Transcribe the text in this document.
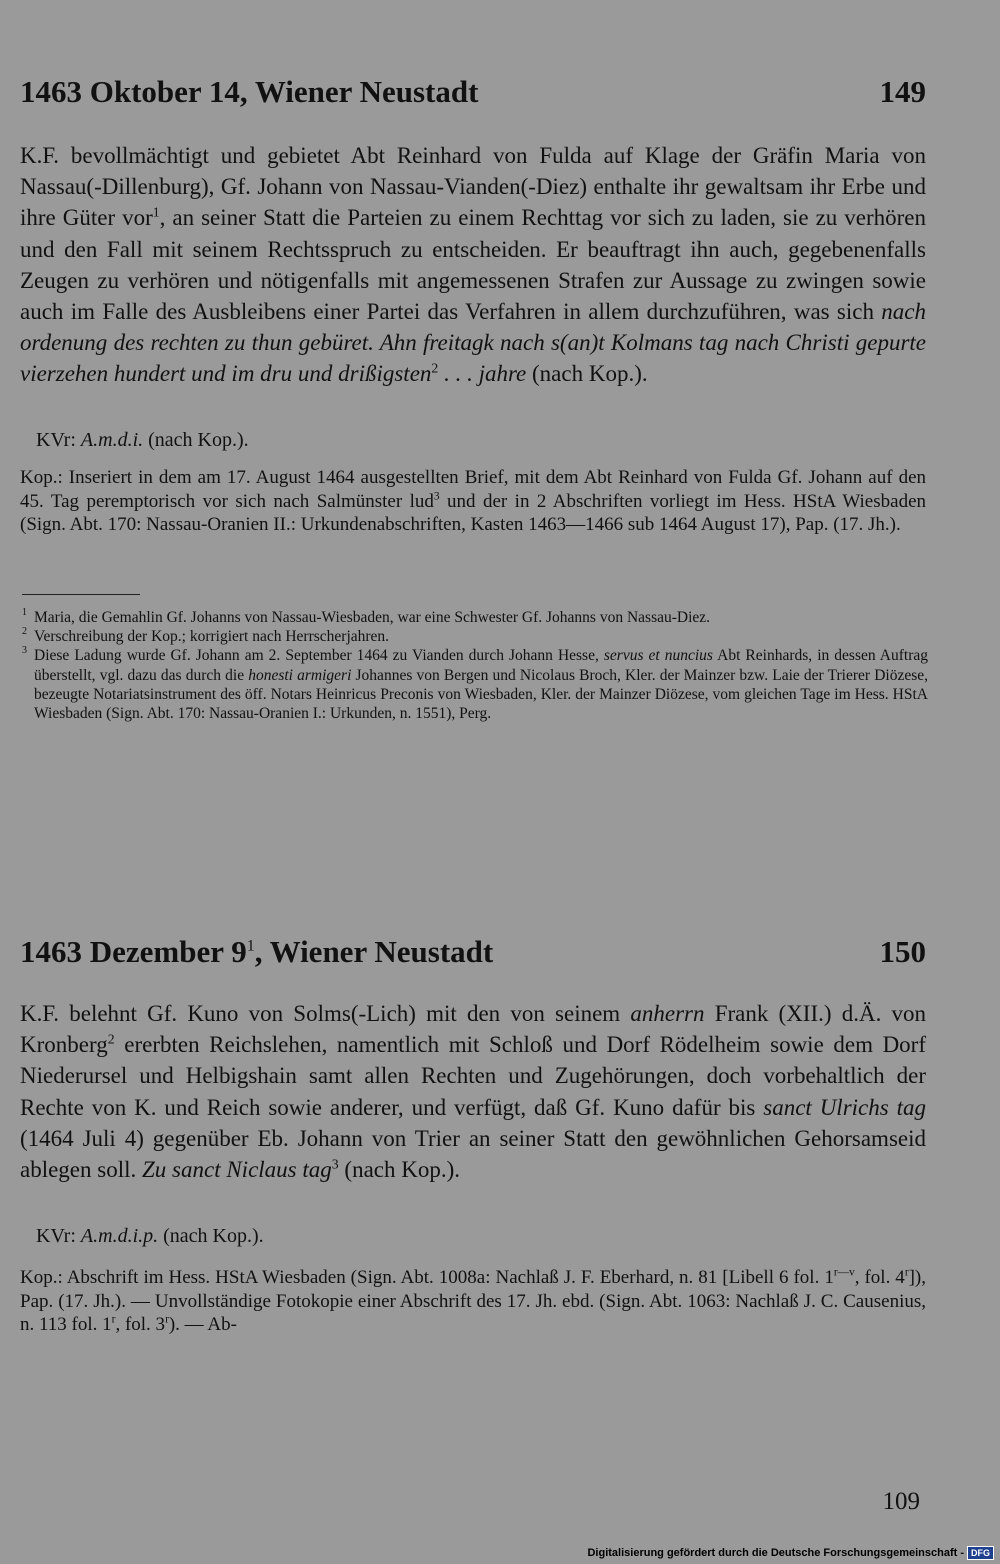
1463 Oktober 14, Wiener Neustadt	149

K.F. bevollmächtigt und gebietet Abt Reinhard von Fulda auf Klage der Gräfin Maria von Nassau(-Dillenburg), Gf. Johann von Nassau-Vianden(-Diez) enthalte ihr gewaltsam ihr Erbe und ihre Güter vor$^1$, an seiner Statt die Parteien zu einem Rechttag vor sich zu laden, sie zu verhören und den Fall mit seinem Rechtsspruch zu entscheiden. Er beauftragt ihn auch, gegebenenfalls Zeugen zu verhören und nötigenfalls mit angemessenen Strafen zur Aussage zu zwingen sowie auch im Falle des Ausbleibens einer Partei das Verfahren in allem durchzuführen, was sich nach ordenung des rechten zu thun gebüret. Ahn freitagk nach s(an)t Kolmans tag nach Christi gepurte vierzehen hundert und im dru und drißigsten$^2$ . . . jahre (nach Kop.).

KVr: A.m.d.i. (nach Kop.).

Kop.: Inseriert in dem am 17. August 1464 ausgestellten Brief, mit dem Abt Reinhard von Fulda Gf. Johann auf den 45. Tag peremptorisch vor sich nach Salmünster lud$^3$ und der in 2 Abschriften vorliegt im Hess. HStA Wiesbaden (Sign. Abt. 170: Nassau-Oranien II.: Urkundenabschriften, Kasten 1463—1466 sub 1464 August 17), Pap. (17. Jh.).

1 Maria, die Gemahlin Gf. Johanns von Nassau-Wiesbaden, war eine Schwester Gf. Johanns von Nassau-Diez.
2 Verschreibung der Kop.; korrigiert nach Herrscherjahren.
3 Diese Ladung wurde Gf. Johann am 2. September 1464 zu Vianden durch Johann Hesse, servus et nuncius Abt Reinhards, in dessen Auftrag überstellt, vgl. dazu das durch die honesti armigeri Johannes von Bergen und Nicolaus Broch, Kler. der Mainzer bzw. Laie der Trierer Diözese, bezeugte Notariatsinstrument des öff. Notars Heinricus Preconis von Wiesbaden, Kler. der Mainzer Diözese, vom gleichen Tage im Hess. HStA Wiesbaden (Sign. Abt. 170: Nassau-Oranien I.: Urkunden, n. 1551), Perg.
1463 Dezember $9^1$, Wiener Neustadt	150

K.F. belehnt Gf. Kuno von Solms(-Lich) mit den von seinem anherrn Frank (XII.) d.Ä. von Kronberg$^2$ ererbten Reichslehen, namentlich mit Schloß und Dorf Rödelheim sowie dem Dorf Niederursel und Helbigshain samt allen Rechten und Zugehörungen, doch vorbehaltlich der Rechte von K. und Reich sowie anderer, und verfügt, daß Gf. Kuno dafür bis sanct Ulrichs tag (1464 Juli 4) gegenüber Eb. Johann von Trier an seiner Statt den gewöhnlichen Gehorsamseid ablegen soll. Zu sanct Niclaus tag$^3$ (nach Kop.).

KVr: A.m.d.i.p. (nach Kop.).

Kop.: Abschrift im Hess. HStA Wiesbaden (Sign. Abt. 1008a: Nachlaß J. F. Eberhard, n. 81 [Libell 6 fol. $1^{r—v}$, fol. 4$^r$]), Pap. (17. Jh.). — Unvollständige Fotokopie einer Abschrift des 17. Jh. ebd. (Sign. Abt. 1063: Nachlaß J. C. Causenius, n. 113 fol. 1$^r$, fol. 3$^r$). — Ab-

109
Digitalisierung gefördert durch die Deutsche Forschungsgemeinschaft - DFG
